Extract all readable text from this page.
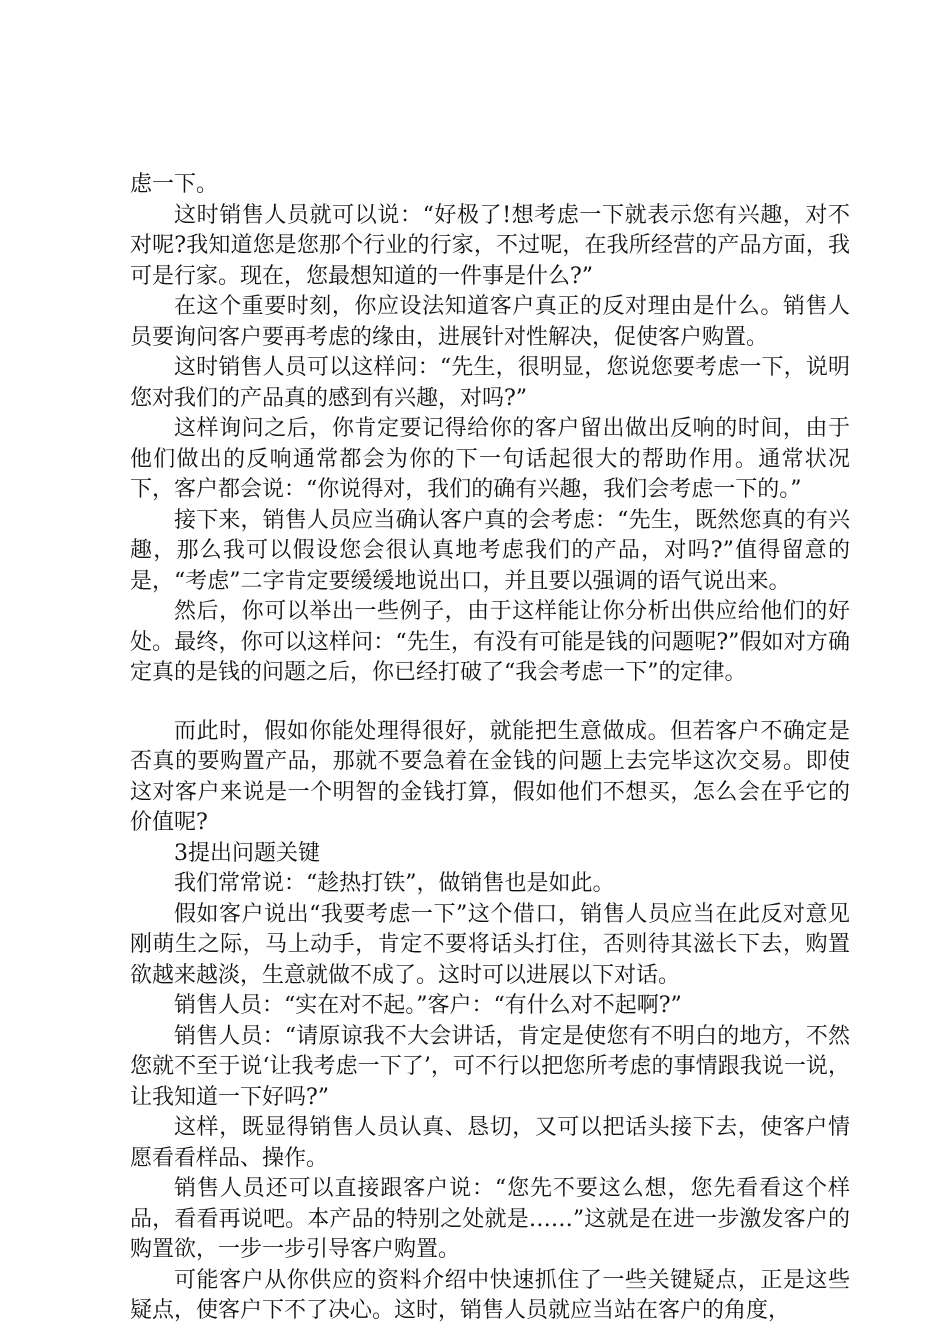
虑一下。

这时销售人员就可以说：“好极了!想考虑一下就表示您有兴趣，对不对呢?我知道您是您那个行业的行家，不过呢，在我所经营的产品方面，我可是行家。现在，您最想知道的一件事是什么?”

在这个重要时刻，你应设法知道客户真正的反对理由是什么。销售人员要询问客户要再考虑的缘由，进展针对性解决，促使客户购置。

这时销售人员可以这样问：“先生，很明显，您说您要考虑一下，说明您对我们的产品真的感到有兴趣，对吗?”

这样询问之后，你肯定要记得给你的客户留出做出反响的时间，由于他们做出的反响通常都会为你的下一句话起很大的帮助作用。通常状况下，客户都会说：“你说得对，我们的确有兴趣，我们会考虑一下的。”

接下来，销售人员应当确认客户真的会考虑：“先生，既然您真的有兴趣，那么我可以假设您会很认真地考虑我们的产品，对吗?”值得留意的是，“考虑”二字肯定要缓缓地说出口，并且要以强调的语气说出来。

然后，你可以举出一些例子，由于这样能让你分析出供应给他们的好处。最终，你可以这样问：“先生，有没有可能是钱的问题呢?”假如对方确定真的是钱的问题之后，你已经打破了“我会考虑一下”的定律。

而此时，假如你能处理得很好，就能把生意做成。但若客户不确定是否真的要购置产品，那就不要急着在金钱的问题上去完毕这次交易。即使这对客户来说是一个明智的金钱打算，假如他们不想买，怎么会在乎它的价值呢?

3提出问题关键

我们常常说：“趁热打铁”，做销售也是如此。

假如客户说出“我要考虑一下”这个借口，销售人员应当在此反对意见刚萌生之际，马上动手，肯定不要将话头打住，否则待其滋长下去，购置欲越来越淡，生意就做不成了。这时可以进展以下对话。

销售人员：“实在对不起。”客户：“有什么对不起啊?”

销售人员：“请原谅我不大会讲话，肯定是使您有不明白的地方，不然您就不至于说‘让我考虑一下了’，可不行以把您所考虑的事情跟我说一说，让我知道一下好吗?”

这样，既显得销售人员认真、恳切，又可以把话头接下去，使客户情愿看看样品、操作。

销售人员还可以直接跟客户说：“您先不要这么想，您先看看这个样品，看看再说吧。本产品的特别之处就是……”这就是在进一步激发客户的购置欲，一步一步引导客户购置。

可能客户从你供应的资料介绍中快速抓住了一些关键疑点，正是这些疑点，使客户下不了决心。这时，销售人员就应当站在客户的角度，
